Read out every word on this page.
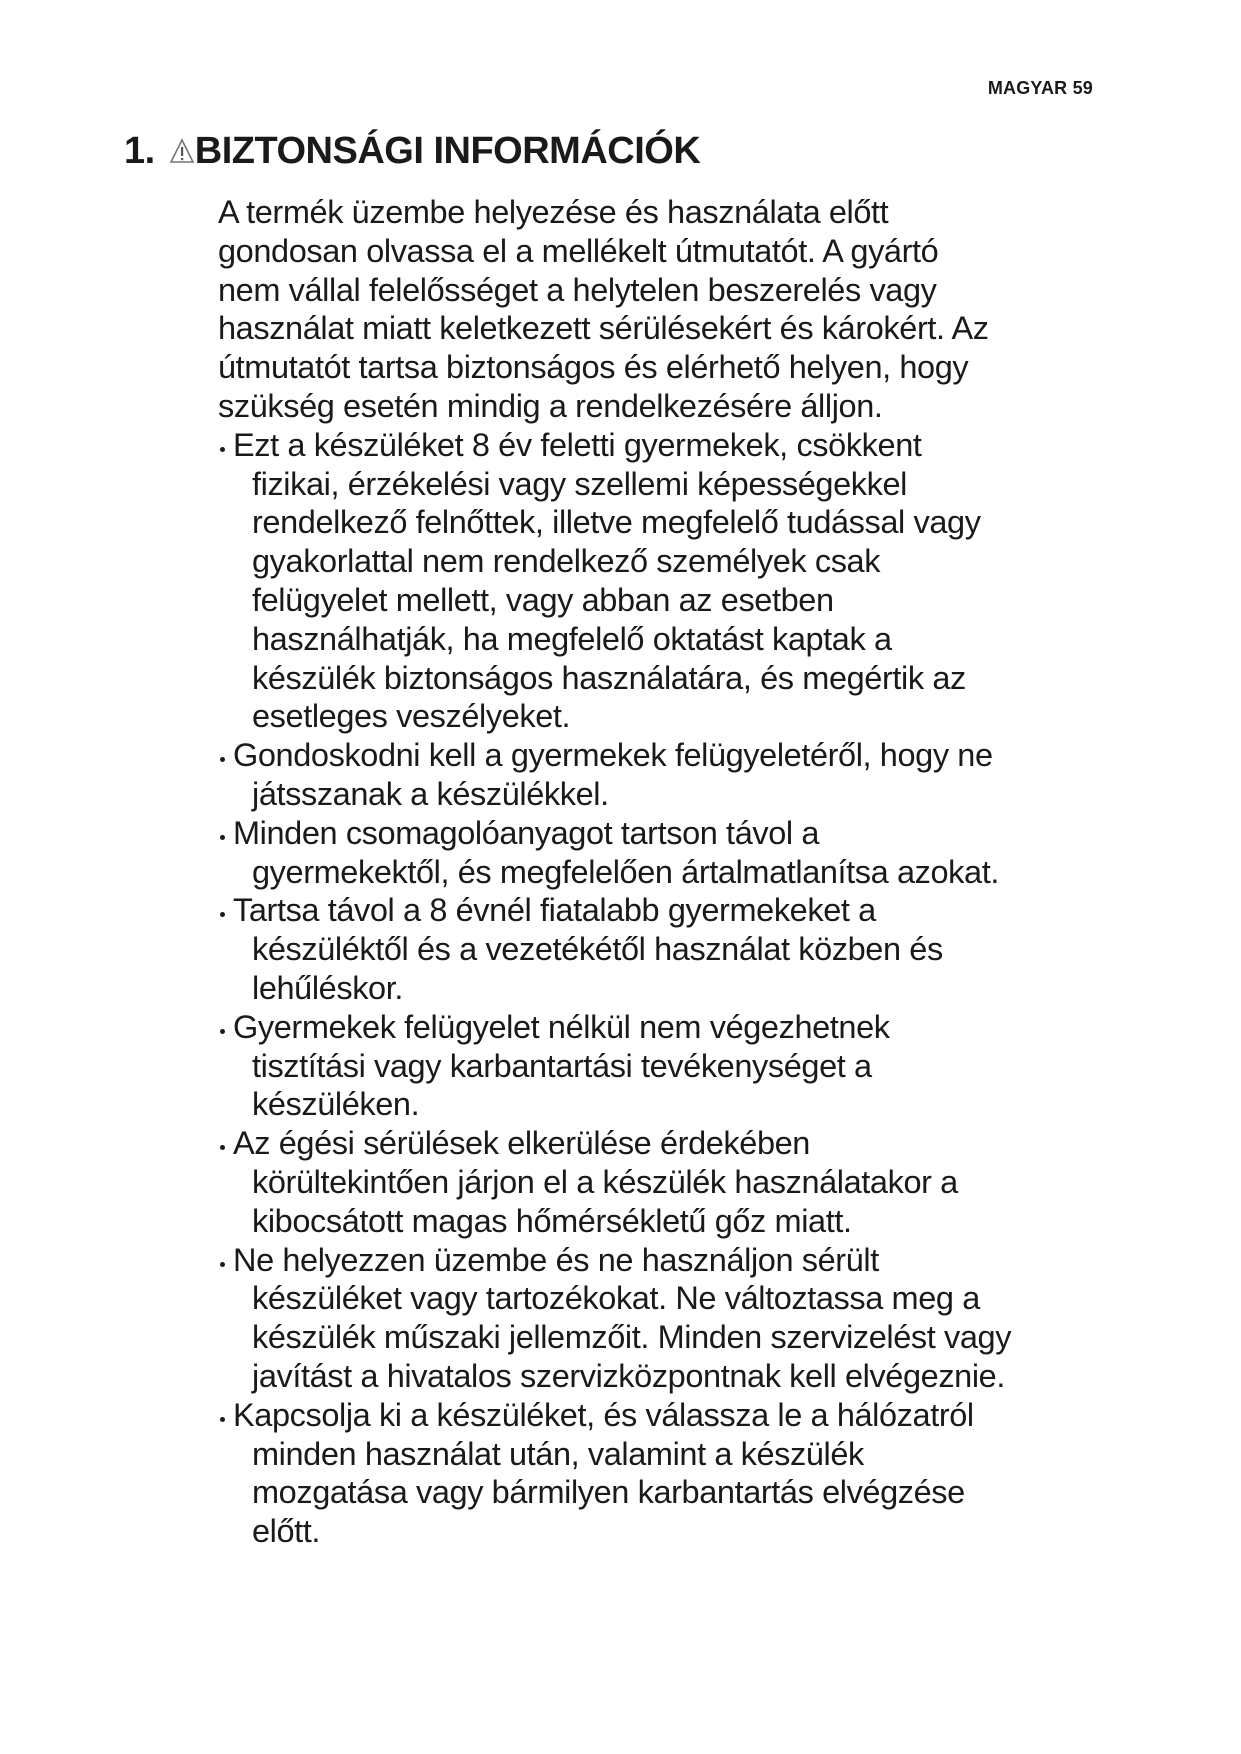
MAGYAR 59
1. BIZTONSÁGI INFORMÁCIÓK
A termék üzembe helyezése és használata előtt
gondosan olvassa el a mellékelt útmutatót. A gyártó
nem vállal felelősséget a helytelen beszerelés vagy
használat miatt keletkezett sérülésekért és károkért. Az
útmutatót tartsa biztonságos és elérhető helyen, hogy
szükség esetén mindig a rendelkezésére álljon.
Ezt a készüléket 8 év feletti gyermekek, csökkent
fizikai, érzékelési vagy szellemi képességekkel
rendelkező felnőttek, illetve megfelelő tudással vagy
gyakorlattal nem rendelkező személyek csak
felügyelet mellett, vagy abban az esetben
használhatják, ha megfelelő oktatást kaptak a
készülék biztonságos használatára, és megértik az
esetleges veszélyeket.
Gondoskodni kell a gyermekek felügyeletéről, hogy ne
játsszanak a készülékkel.
Minden csomagolóanyagot tartson távol a
gyermekektől, és megfelelően ártalmatlanítsa azokat.
Tartsa távol a 8 évnél fiatalabb gyermekeket a
készüléktől és a vezetékétől használat közben és
lehűléskor.
Gyermekek felügyelet nélkül nem végezhetnek
tisztítási vagy karbantartási tevékenységet a
készüléken.
Az égési sérülések elkerülése érdekében
körültekintően járjon el a készülék használatakor a
kibocsátott magas hőmérsékletű gőz miatt.
Ne helyezzen üzembe és ne használjon sérült
készüléket vagy tartozékokat. Ne változtassa meg a
készülék műszaki jellemzőit. Minden szervizelést vagy
javítást a hivatalos szervizközpontnak kell elvégeznie.
Kapcsolja ki a készüléket, és válassza le a hálózatról
minden használat után, valamint a készülék
mozgatása vagy bármilyen karbantartás elvégzése
előtt.
